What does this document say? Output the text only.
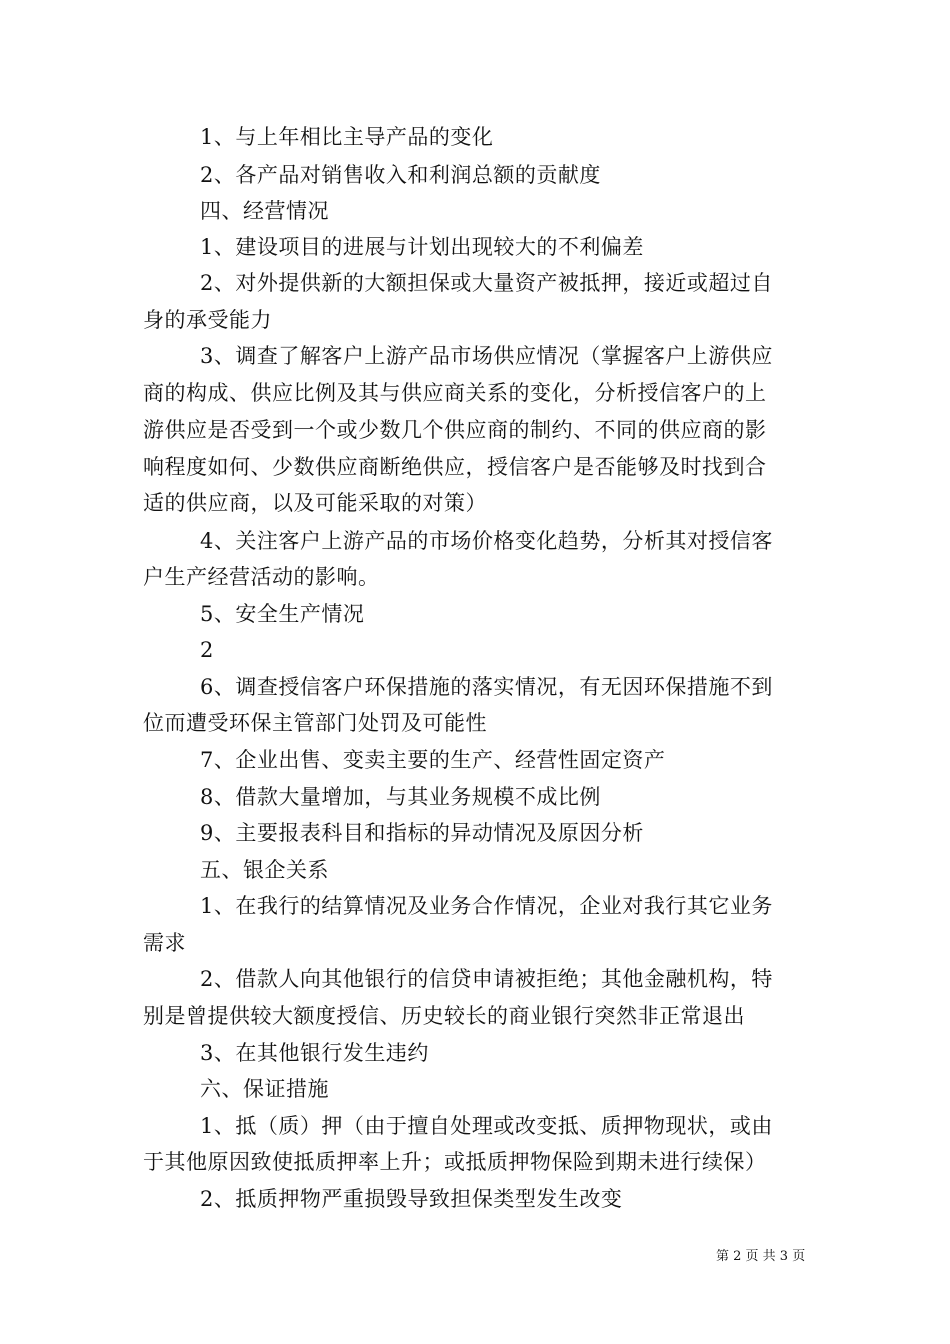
1、与上年相比主导产品的变化
2、各产品对销售收入和利润总额的贡献度
四、经营情况
1、建设项目的进展与计划出现较大的不利偏差
2、对外提供新的大额担保或大量资产被抵押，接近或超过自
身的承受能力
3、调查了解客户上游产品市场供应情况（掌握客户上游供应
商的构成、供应比例及其与供应商关系的变化，分析授信客户的上
游供应是否受到一个或少数几个供应商的制约、不同的供应商的影
响程度如何、少数供应商断绝供应，授信客户是否能够及时找到合
适的供应商，以及可能采取的对策）
4、关注客户上游产品的市场价格变化趋势，分析其对授信客
户生产经营活动的影响。
5、安全生产情况
2
6、调查授信客户环保措施的落实情况，有无因环保措施不到
位而遭受环保主管部门处罚及可能性
7、企业出售、变卖主要的生产、经营性固定资产
8、借款大量增加，与其业务规模不成比例
9、主要报表科目和指标的异动情况及原因分析
五、银企关系
1、在我行的结算情况及业务合作情况，企业对我行其它业务
需求
2、借款人向其他银行的信贷申请被拒绝；其他金融机构，特
别是曾提供较大额度授信、历史较长的商业银行突然非正常退出
3、在其他银行发生违约
六、保证措施
1、抵（质）押（由于擅自处理或改变抵、质押物现状，或由
于其他原因致使抵质押率上升；或抵质押物保险到期未进行续保）
2、抵质押物严重损毁导致担保类型发生改变
第 2 页 共 3 页
